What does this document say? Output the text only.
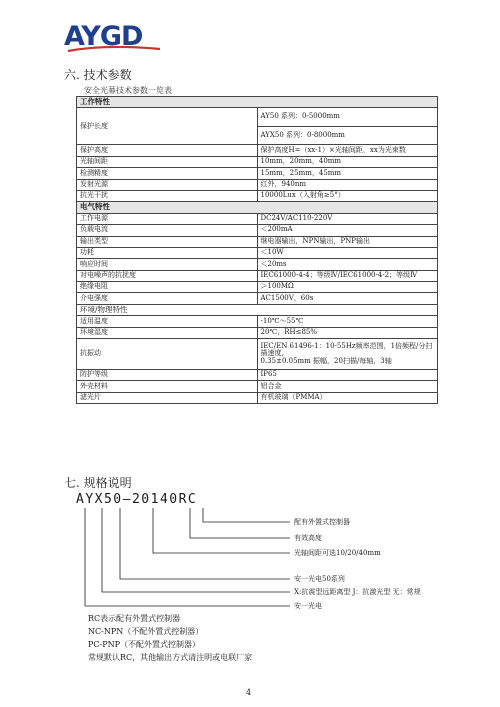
AYGD
六. 技术参数
安全光幕技术参数一览表
工作特性	
保护长度	AY50 系列：0-5000mm
	AYX50 系列：0-8000mm
保护高度	保护高度H=（xx-1）×光轴间距，xx为光束数
光轴间距	10mm，20mm，40mm
检测精度	15mm，25mm，45mm
发射光源	红外，940nm
抗光干扰	10000Lux（入射角≥5°）
电气特性	
工作电源	DC24V/AC110-220V
负载电流	＜200mA
输出类型	继电器输出，NPN输出，PNP输出
功耗	＜10W
响应时间	＜20ms
对电噪声的抗扰度	IEC61000-4-4；等级Ⅳ/IEC61000-4-2；等级Ⅳ
绝缘电阻	＞100MΩ
介电强度	AC1500V，60s
环境/物理特性	
适用温度	-10℃～55℃
环境湿度	20℃，RH≤85%
抗振动	IEC/EN 61496-1：10-55Hz频率范围，1倍频程/分扫描速度，
0.35±0.05mm 振幅，20扫描/每轴，3轴

防护等级	IP65
外壳材料	铝合金
滤光片	有机玻璃（PMMA）
七. 规格说明
AYX50—20140RC
配有外置式控制器
有效高度
光轴间距可选10/20/40mm
安一光电50系列
X:抗震型远距离型 J：抗激光型 无：常规
安一光电
RC表示配有外置式控制器
NC-NPN（不配外置式控制器）
PC-PNP（不配外置式控制器）
常规默认RC，其他输出方式请注明或电联厂家
4
